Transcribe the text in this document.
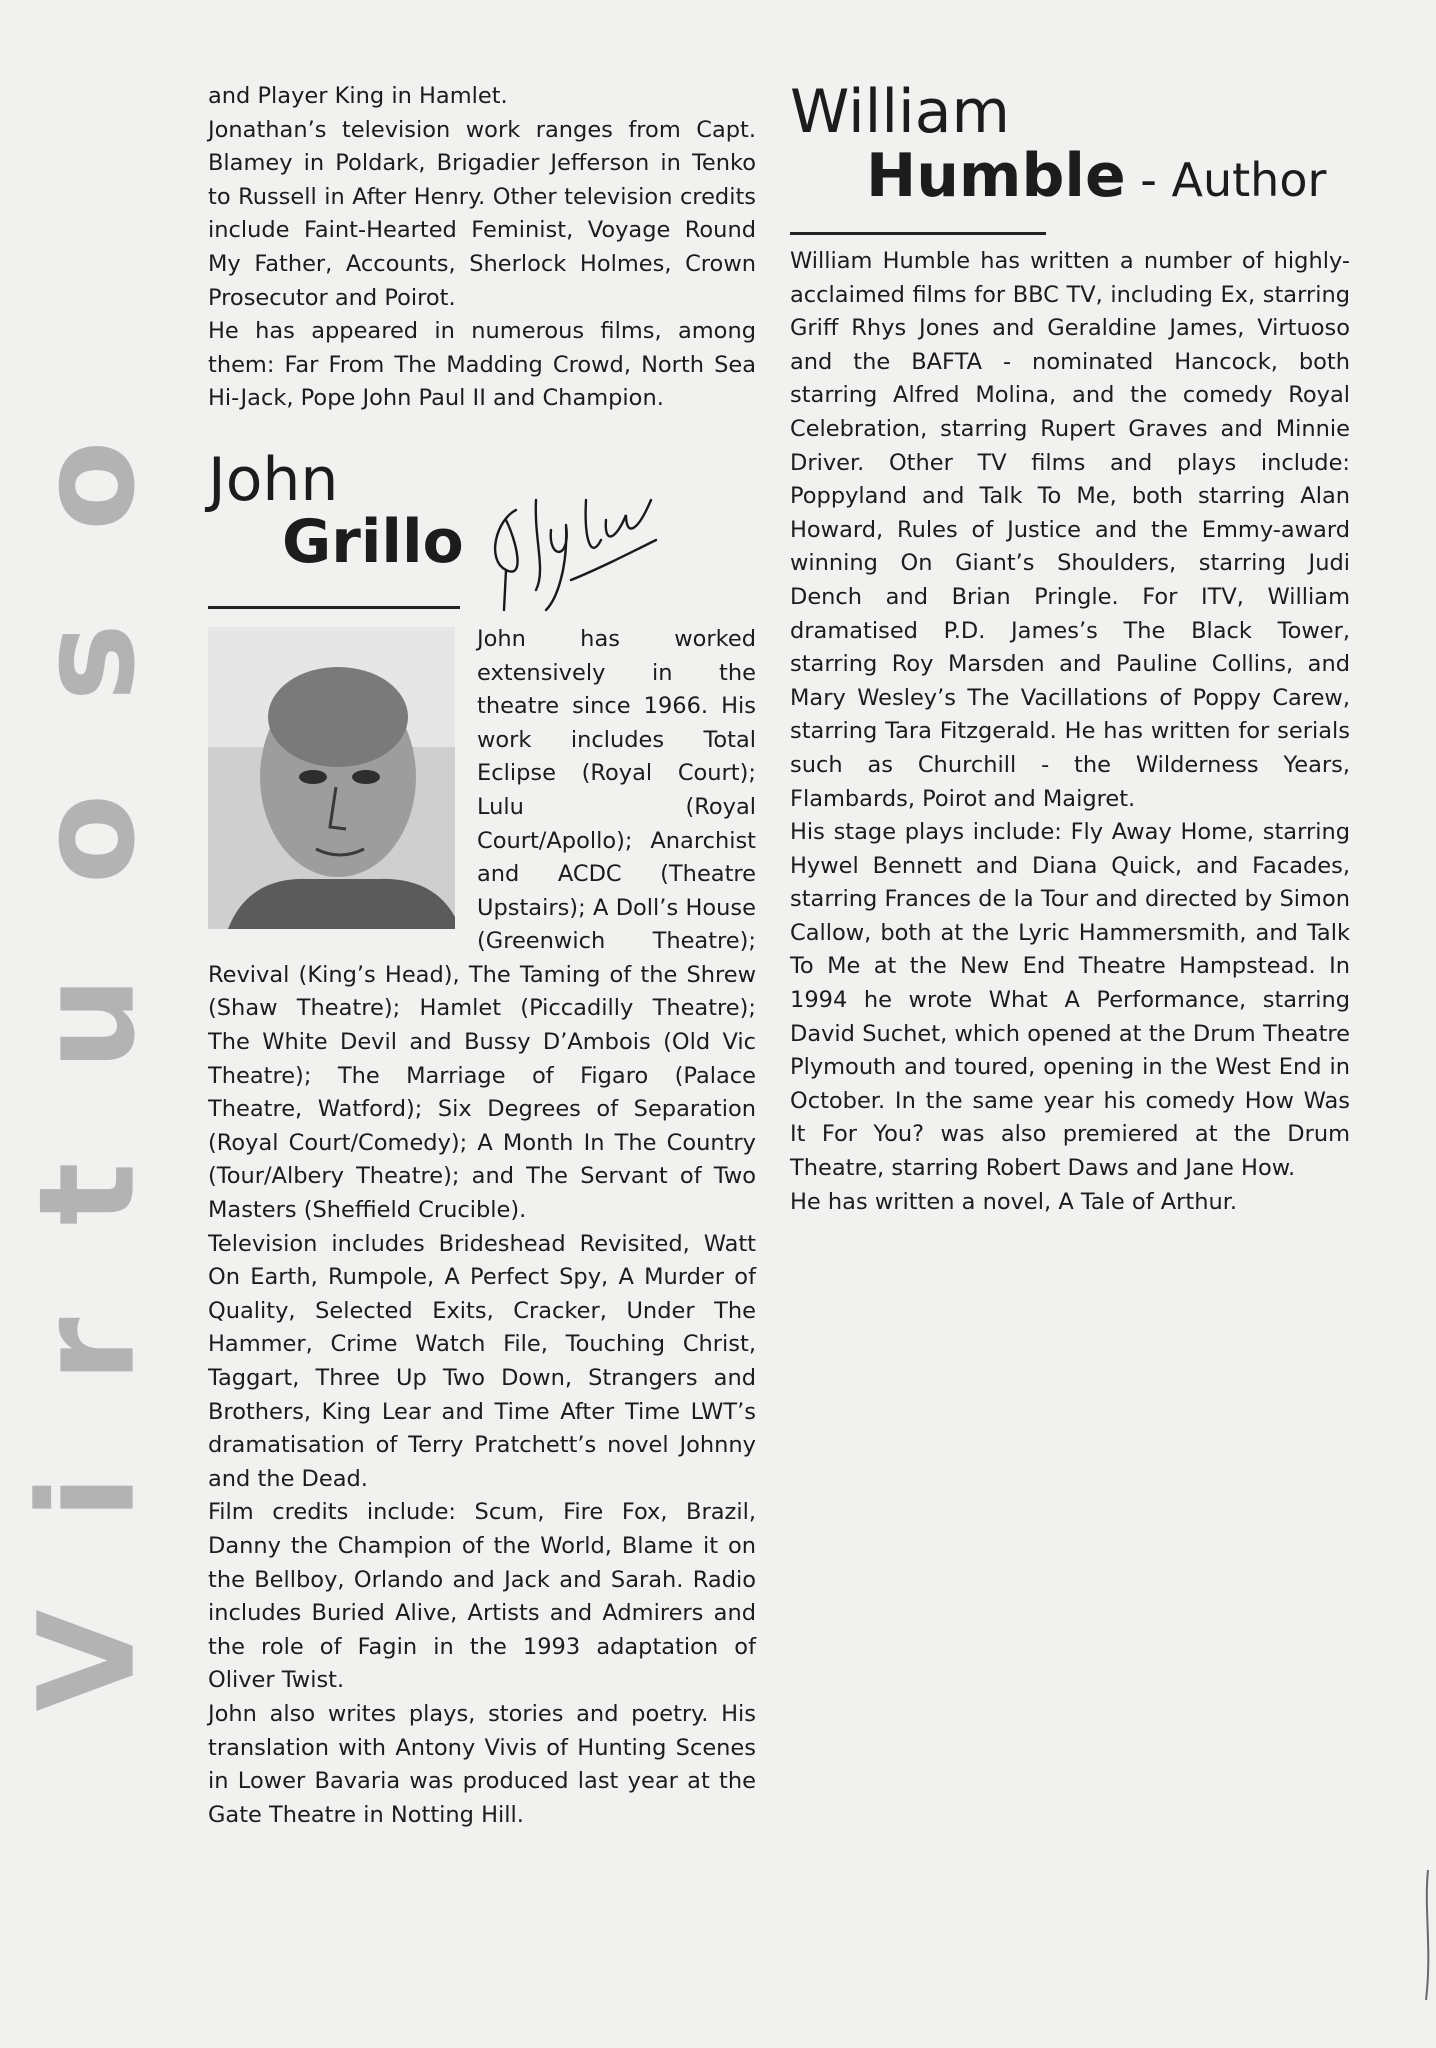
Virtuoso

and Player King in Hamlet.

Jonathan’s television work ranges from Capt. Blamey in Poldark, Brigadier Jefferson in Tenko to Russell in After Henry. Other television credits include Faint-Hearted Feminist, Voyage Round My Father, Accounts, Sherlock Holmes, Crown Prosecutor and Poirot.

He has appeared in numerous films, among them: Far From The Madding Crowd, North Sea Hi-Jack, Pope John Paul II and Champion.

John
Grillo

John has worked extensively in the theatre since 1966. His work includes Total Eclipse (Royal Court); Lulu (Royal Court/Apollo); Anarchist and ACDC (Theatre Upstairs); A Doll’s House (Greenwich Theatre); Revival (King’s Head), The Taming of the Shrew (Shaw Theatre); Hamlet (Piccadilly Theatre); The White Devil and Bussy D’Ambois (Old Vic Theatre); The Marriage of Figaro (Palace Theatre, Watford); Six Degrees of Separation (Royal Court/Comedy); A Month In The Country (Tour/Albery Theatre); and The Servant of Two Masters (Sheffield Crucible).

Television includes Brideshead Revisited, Watt On Earth, Rumpole, A Perfect Spy, A Murder of Quality, Selected Exits, Cracker, Under The Hammer, Crime Watch File, Touching Christ, Taggart, Three Up Two Down, Strangers and Brothers, King Lear and Time After Time LWT’s dramatisation of Terry Pratchett’s novel Johnny and the Dead.

Film credits include: Scum, Fire Fox, Brazil, Danny the Champion of the World, Blame it on the Bellboy, Orlando and Jack and Sarah. Radio includes Buried Alive, Artists and Admirers and the role of Fagin in the 1993 adaptation of Oliver Twist.

John also writes plays, stories and poetry. His translation with Antony Vivis of Hunting Scenes in Lower Bavaria was produced last year at the Gate Theatre in Notting Hill.

William
Humble - Author

William Humble has written a number of highly-acclaimed films for BBC TV, including Ex, starring Griff Rhys Jones and Geraldine James, Virtuoso and the BAFTA - nominated Hancock, both starring Alfred Molina, and the comedy Royal Celebration, starring Rupert Graves and Minnie Driver. Other TV films and plays include: Poppyland and Talk To Me, both starring Alan Howard, Rules of Justice and the Emmy-award winning On Giant’s Shoulders, starring Judi Dench and Brian Pringle. For ITV, William dramatised P.D. James’s The Black Tower, starring Roy Marsden and Pauline Collins, and Mary Wesley’s The Vacillations of Poppy Carew, starring Tara Fitzgerald. He has written for serials such as Churchill - the Wilderness Years, Flambards, Poirot and Maigret.

His stage plays include: Fly Away Home, starring Hywel Bennett and Diana Quick, and Facades, starring Frances de la Tour and directed by Simon Callow, both at the Lyric Hammersmith, and Talk To Me at the New End Theatre Hampstead. In 1994 he wrote What A Performance, starring David Suchet, which opened at the Drum Theatre Plymouth and toured, opening in the West End in October. In the same year his comedy How Was It For You? was also premiered at the Drum Theatre, starring Robert Daws and Jane How.

He has written a novel, A Tale of Arthur.
